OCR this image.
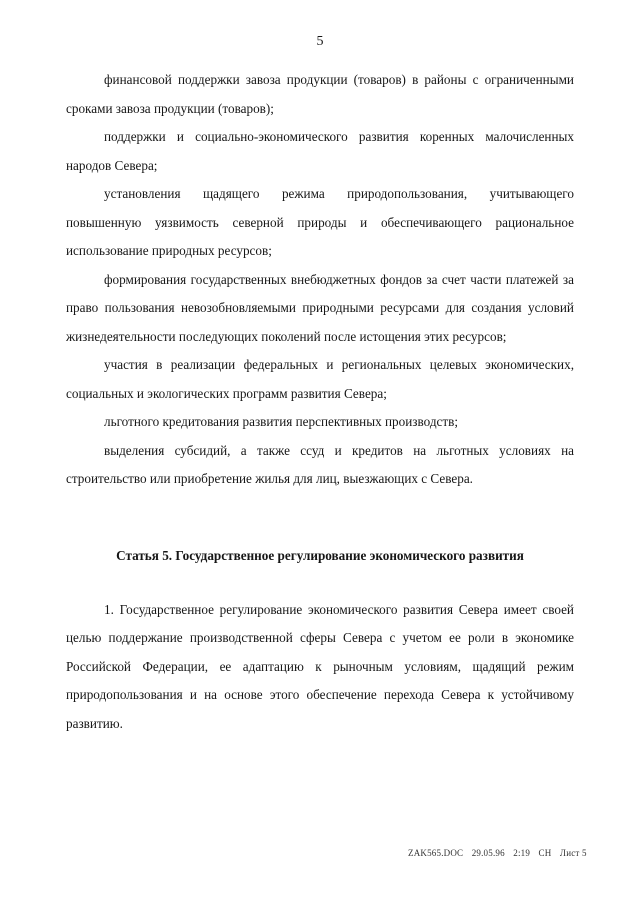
5

финансовой поддержки завоза продукции (товаров) в районы с ограниченными сроками завоза продукции (товаров);

поддержки и социально-экономического развития коренных малочисленных народов Севера;

установления щадящего режима природопользования, учитывающего повышенную уязвимость северной природы и обеспечивающего рациональное использование природных ресурсов;

формирования государственных внебюджетных фондов за счет части платежей за право пользования невозобновляемыми природными ресурсами для создания условий жизнедеятельности последующих поколений после истощения этих ресурсов;

участия в реализации федеральных и региональных целевых экономических, социальных и экологических программ развития Севера;

льготного кредитования развития перспективных производств;

выделения субсидий, а также ссуд и кредитов на льготных условиях на строительство или приобретение жилья для лиц, выезжающих с Севера.

Статья 5. Государственное регулирование экономического развития

1. Государственное регулирование экономического развития Севера имеет своей целью поддержание производственной сферы Севера с учетом ее роли в экономике Российской Федерации, ее адаптацию к рыночным условиям, щадящий режим природопользования и на основе этого обеспечение перехода Севера к устойчивому развитию.

ZAK565.DOC 29.05.96 2:19 СН Лист 5
